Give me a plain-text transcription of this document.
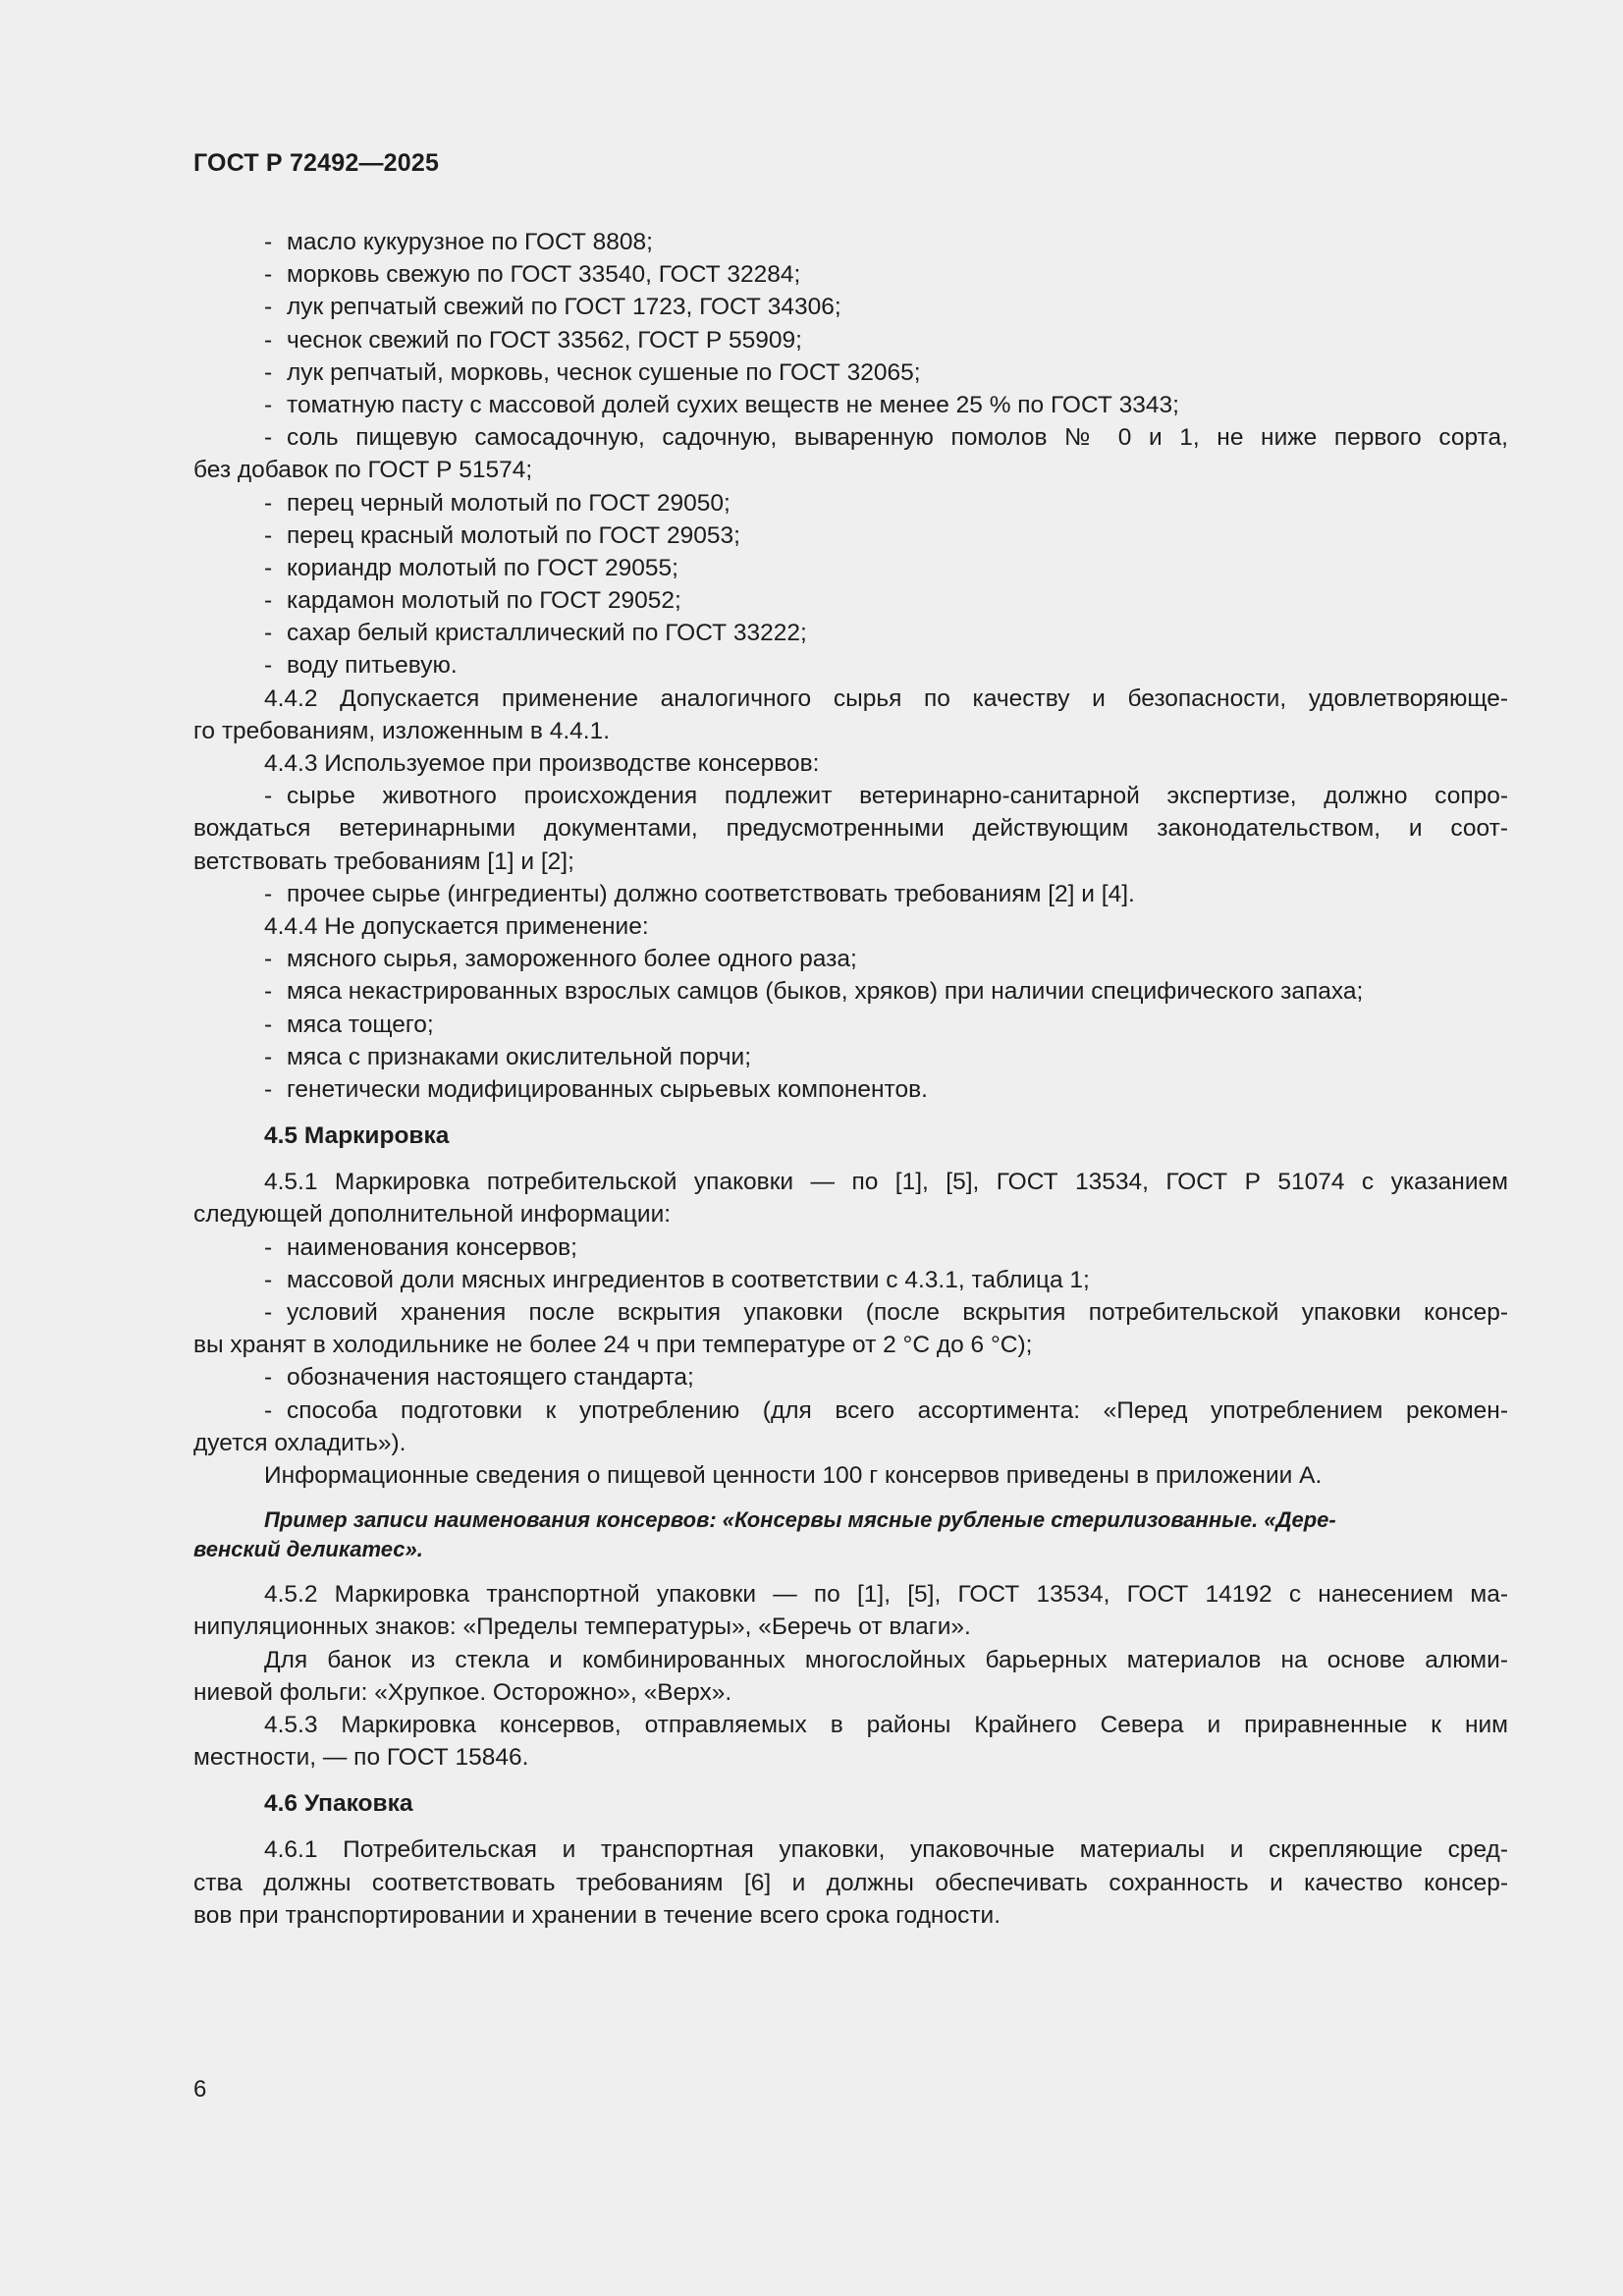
ГОСТ Р 72492—2025
-масло кукурузное по ГОСТ 8808;
-морковь свежую по ГОСТ 33540, ГОСТ 32284;
-лук репчатый свежий по ГОСТ 1723, ГОСТ 34306;
-чеснок свежий по ГОСТ 33562, ГОСТ Р 55909;
-лук репчатый, морковь, чеснок сушеные по ГОСТ 32065;
-томатную пасту с массовой долей сухих веществ не менее 25 % по ГОСТ 3343;
-соль пищевую самосадочную, садочную, вываренную помолов № 0 и 1, не ниже первого сорта,
без добавок по ГОСТ Р 51574;
-перец черный молотый по ГОСТ 29050;
-перец красный молотый по ГОСТ 29053;
-кориандр молотый по ГОСТ 29055;
-кардамон молотый по ГОСТ 29052;
-сахар белый кристаллический по ГОСТ 33222;
-воду питьевую.
4.4.2 Допускается применение аналогичного сырья по качеству и безопасности, удовлетворяюще-
го требованиям, изложенным в 4.4.1.
4.4.3 Используемое при производстве консервов:
-сырье животного происхождения подлежит ветеринарно-санитарной экспертизе, должно сопро-
вождаться ветеринарными документами, предусмотренными действующим законодательством, и соот-
ветствовать требованиям [1] и [2];
-прочее сырье (ингредиенты) должно соответствовать требованиям [2] и [4].
4.4.4 Не допускается применение:
-мясного сырья, замороженного более одного раза;
-мяса некастрированных взрослых самцов (быков, хряков) при наличии специфического запаха;
-мяса тощего;
-мяса с признаками окислительной порчи;
-генетически модифицированных сырьевых компонентов.
4.5 Маркировка
4.5.1 Маркировка потребительской упаковки — по [1], [5], ГОСТ 13534, ГОСТ Р 51074 с указанием
следующей дополнительной информации:
-наименования консервов;
-массовой доли мясных ингредиентов в соответствии с 4.3.1, таблица 1;
-условий хранения после вскрытия упаковки (после вскрытия потребительской упаковки консер-
вы хранят в холодильнике не более 24 ч при температуре от 2 °С до 6 °С);
-обозначения настоящего стандарта;
-способа подготовки к употреблению (для всего ассортимента: «Перед употреблением рекомен-
дуется охладить»).
Информационные сведения о пищевой ценности 100 г консервов приведены в приложении А.
Пример записи наименования консервов: «Консервы мясные рубленые стерилизованные. «Дере-
венский деликатес».
4.5.2 Маркировка транспортной упаковки — по [1], [5], ГОСТ 13534, ГОСТ 14192 с нанесением ма-
нипуляционных знаков: «Пределы температуры», «Беречь от влаги».
Для банок из стекла и комбинированных многослойных барьерных материалов на основе алюми-
ниевой фольги: «Хрупкое. Осторожно», «Верх».
4.5.3 Маркировка консервов, отправляемых в районы Крайнего Севера и приравненные к ним
местности, — по ГОСТ 15846.
4.6 Упаковка
4.6.1 Потребительская и транспортная упаковки, упаковочные материалы и скрепляющие сред-
ства должны соответствовать требованиям [6] и должны обеспечивать сохранность и качество консер-
вов при транспортировании и хранении в течение всего срока годности.
6
